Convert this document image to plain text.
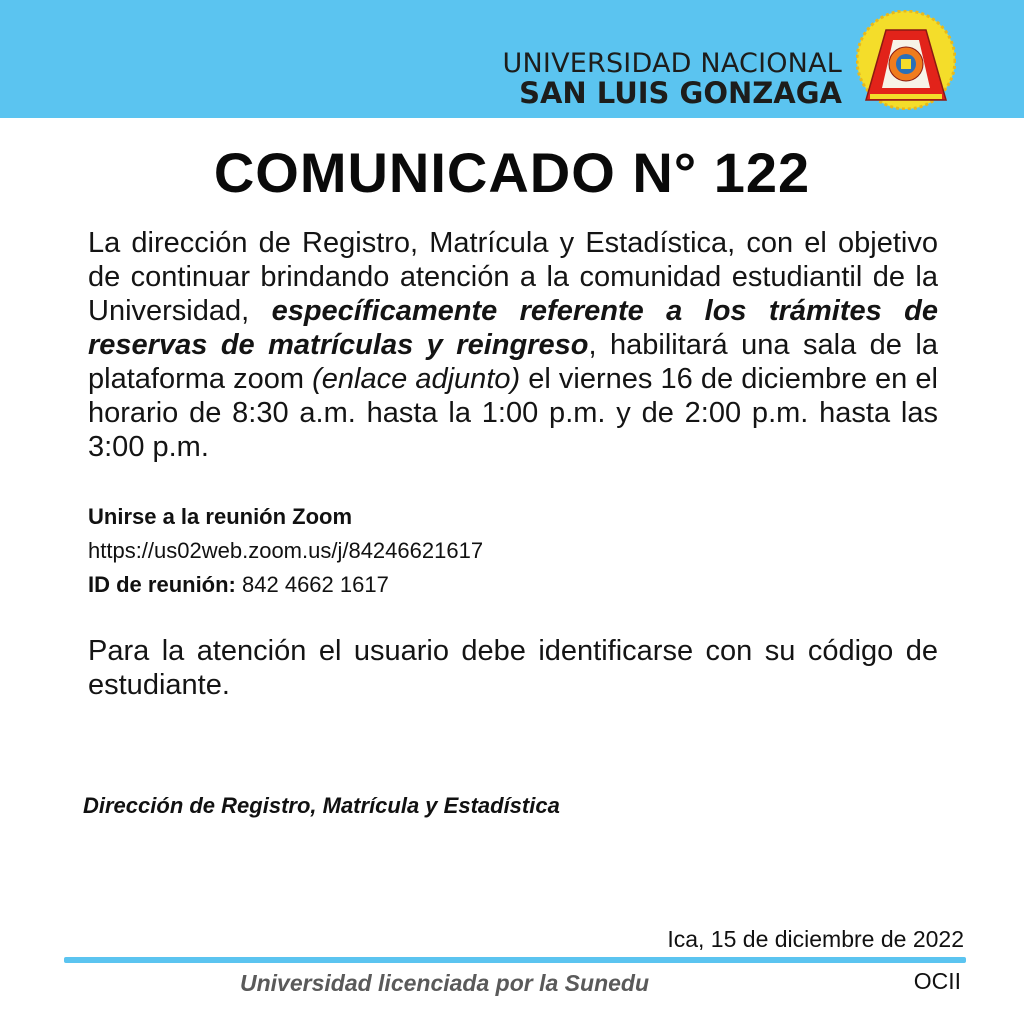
UNIVERSIDAD NACIONAL
SAN LUIS GONZAGA
COMUNICADO N° 122

La dirección de Registro, Matrícula y Estadística, con el objetivo de continuar brindando atención a la comunidad estudiantil de la Universidad, específicamente referente a los trámites de reservas de matrículas y reingreso, habilitará una sala de la plataforma zoom (enlace adjunto) el viernes 16 de diciembre en el horario de 8:30 a.m. hasta la 1:00 p.m. y de 2:00 p.m. hasta las 3:00 p.m.

Unirse a la reunión Zoom
https://us02web.zoom.us/j/84246621617
ID de reunión: 842 4662 1617

Para la atención el usuario debe identificarse con su código de estudiante.

Dirección de Registro, Matrícula y Estadística
Ica, 15 de diciembre de 2022
Universidad licenciada por la Sunedu	OCII
